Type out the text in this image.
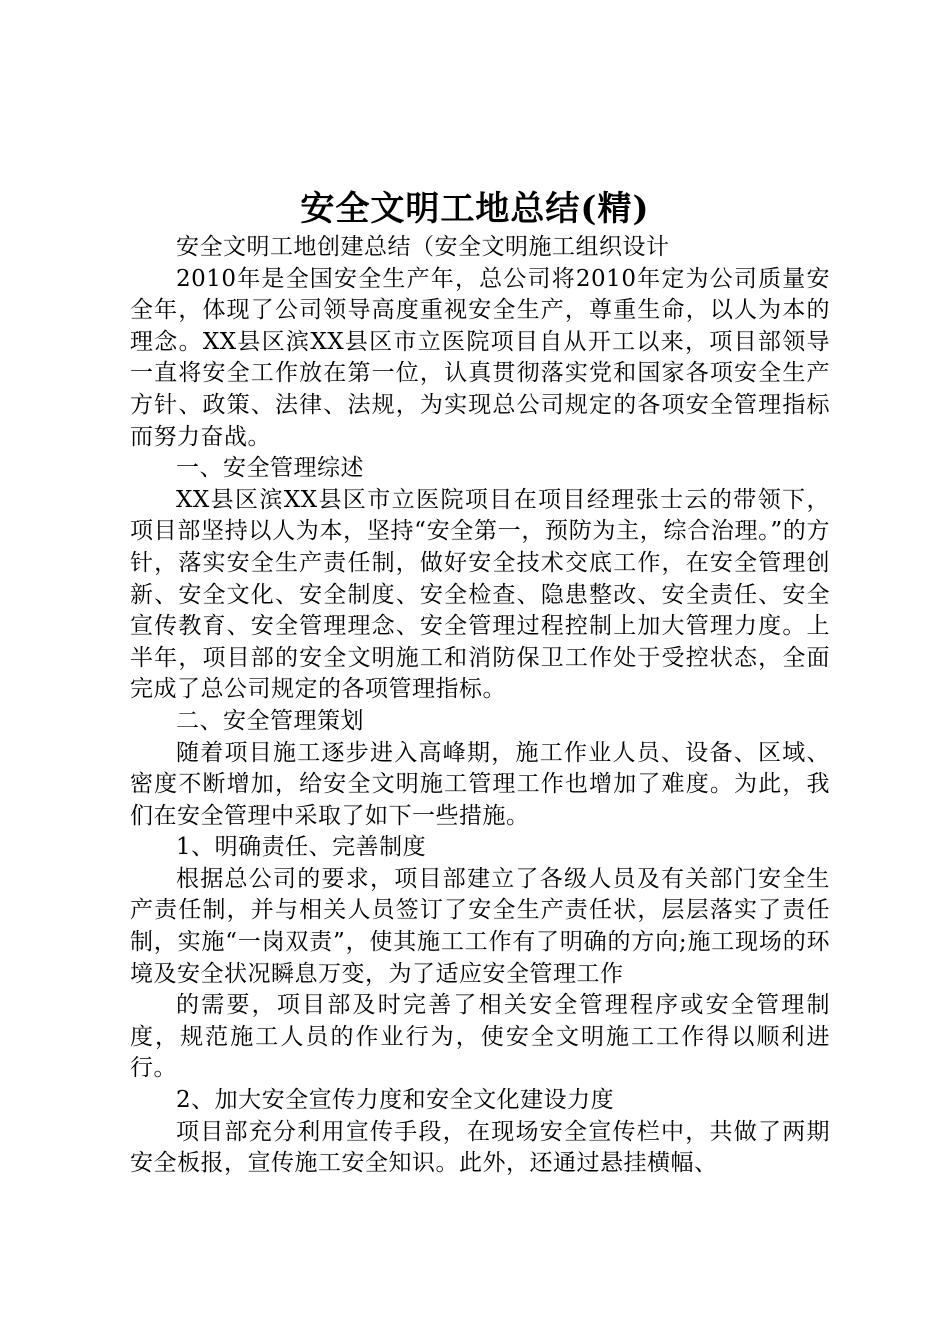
安全文明工地总结(精)

安全文明工地创建总结（安全文明施工组织设计

2010年是全国安全生产年，总公司将2010年定为公司质量安全年，体现了公司领导高度重视安全生产，尊重生命，以人为本的理念。XX县区滨XX县区市立医院项目自从开工以来，项目部领导一直将安全工作放在第一位，认真贯彻落实党和国家各项安全生产方针、政策、法律、法规，为实现总公司规定的各项安全管理指标而努力奋战。

一、安全管理综述

XX县区滨XX县区市立医院项目在项目经理张士云的带领下，项目部坚持以人为本，坚持“安全第一，预防为主，综合治理。”的方针，落实安全生产责任制，做好安全技术交底工作，在安全管理创新、安全文化、安全制度、安全检查、隐患整改、安全责任、安全宣传教育、安全管理理念、安全管理过程控制上加大管理力度。上半年，项目部的安全文明施工和消防保卫工作处于受控状态，全面完成了总公司规定的各项管理指标。

二、安全管理策划

随着项目施工逐步进入高峰期，施工作业人员、设备、区域、密度不断增加，给安全文明施工管理工作也增加了难度。为此，我们在安全管理中采取了如下一些措施。

1、明确责任、完善制度

根据总公司的要求，项目部建立了各级人员及有关部门安全生产责任制，并与相关人员签订了安全生产责任状，层层落实了责任制，实施“一岗双责”，使其施工工作有了明确的方向;施工现场的环境及安全状况瞬息万变，为了适应安全管理工作

的需要，项目部及时完善了相关安全管理程序或安全管理制度，规范施工人员的作业行为，使安全文明施工工作得以顺利进行。

2、加大安全宣传力度和安全文化建设力度

项目部充分利用宣传手段，在现场安全宣传栏中，共做了两期安全板报，宣传施工安全知识。此外，还通过悬挂横幅、
